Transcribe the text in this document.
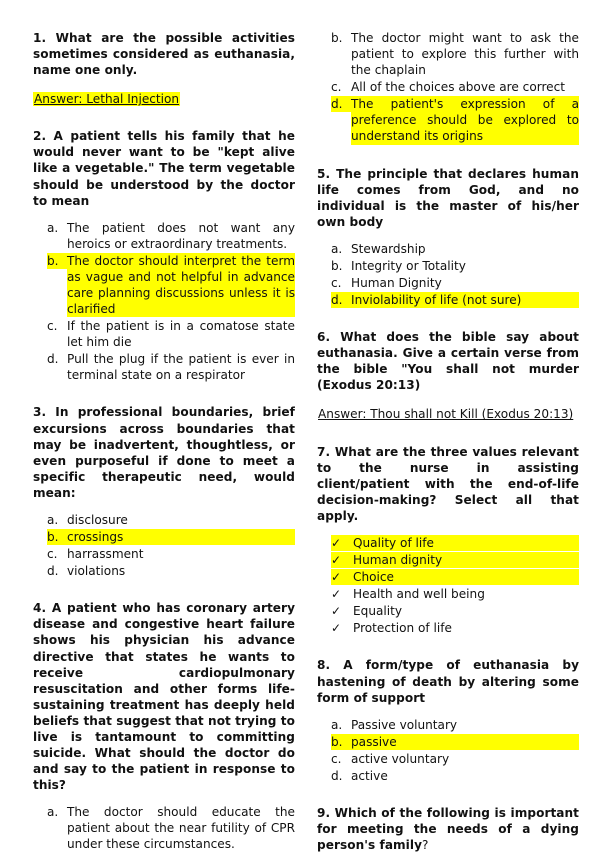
1. What are the possible activities sometimes considered as euthanasia, name one only.

Answer: Lethal Injection

2. A patient tells his family that he would never want to be "kept alive like a vegetable." The term vegetable should be understood by the doctor to mean

a. The patient does not want any heroics or extraordinary treatments.
b. The doctor should interpret the term as vague and not helpful in advance care planning discussions unless it is clarified
c. If the patient is in a comatose state let him die
d. Pull the plug if the patient is ever in terminal state on a respirator

3. In professional boundaries, brief excursions across boundaries that may be inadvertent, thoughtless, or even purposeful if done to meet a specific therapeutic need, would mean:

a. disclosure
b. crossings
c. harrassment
d. violations

4. A patient who has coronary artery disease and congestive heart failure shows his physician his advance directive that states he wants to receive cardiopulmonary resuscitation and other forms life-sustaining treatment has deeply held beliefs that suggest that not trying to live is tantamount to committing suicide. What should the doctor do and say to the patient in response to this?

a. The doctor should educate the patient about the near futility of CPR under these circumstances.
b. The doctor might want to ask the patient to explore this further with the chaplain
c. All of the choices above are correct
d. The patient's expression of a preference should be explored to understand its origins

5. The principle that declares human life comes from God, and no individual is the master of his/her own body

a. Stewardship
b. Integrity or Totality
c. Human Dignity
d. Inviolability of life (not sure)

6. What does the bible say about euthanasia. Give a certain verse from the bible "You shall not murder (Exodus 20:13)

Answer: Thou shall not Kill (Exodus 20:13)

7. What are the three values relevant to the nurse in assisting client/patient with the end-of-life decision-making? Select all that apply.

✓ Quality of life
✓ Human dignity
✓ Choice
✓ Health and well being
✓ Equality
✓ Protection of life

8. A form/type of euthanasia by hastening of death by altering some form of support

a. Passive voluntary
b. passive
c. active voluntary
d. active

9. Which of the following is important for meeting the needs of a dying person's family?
